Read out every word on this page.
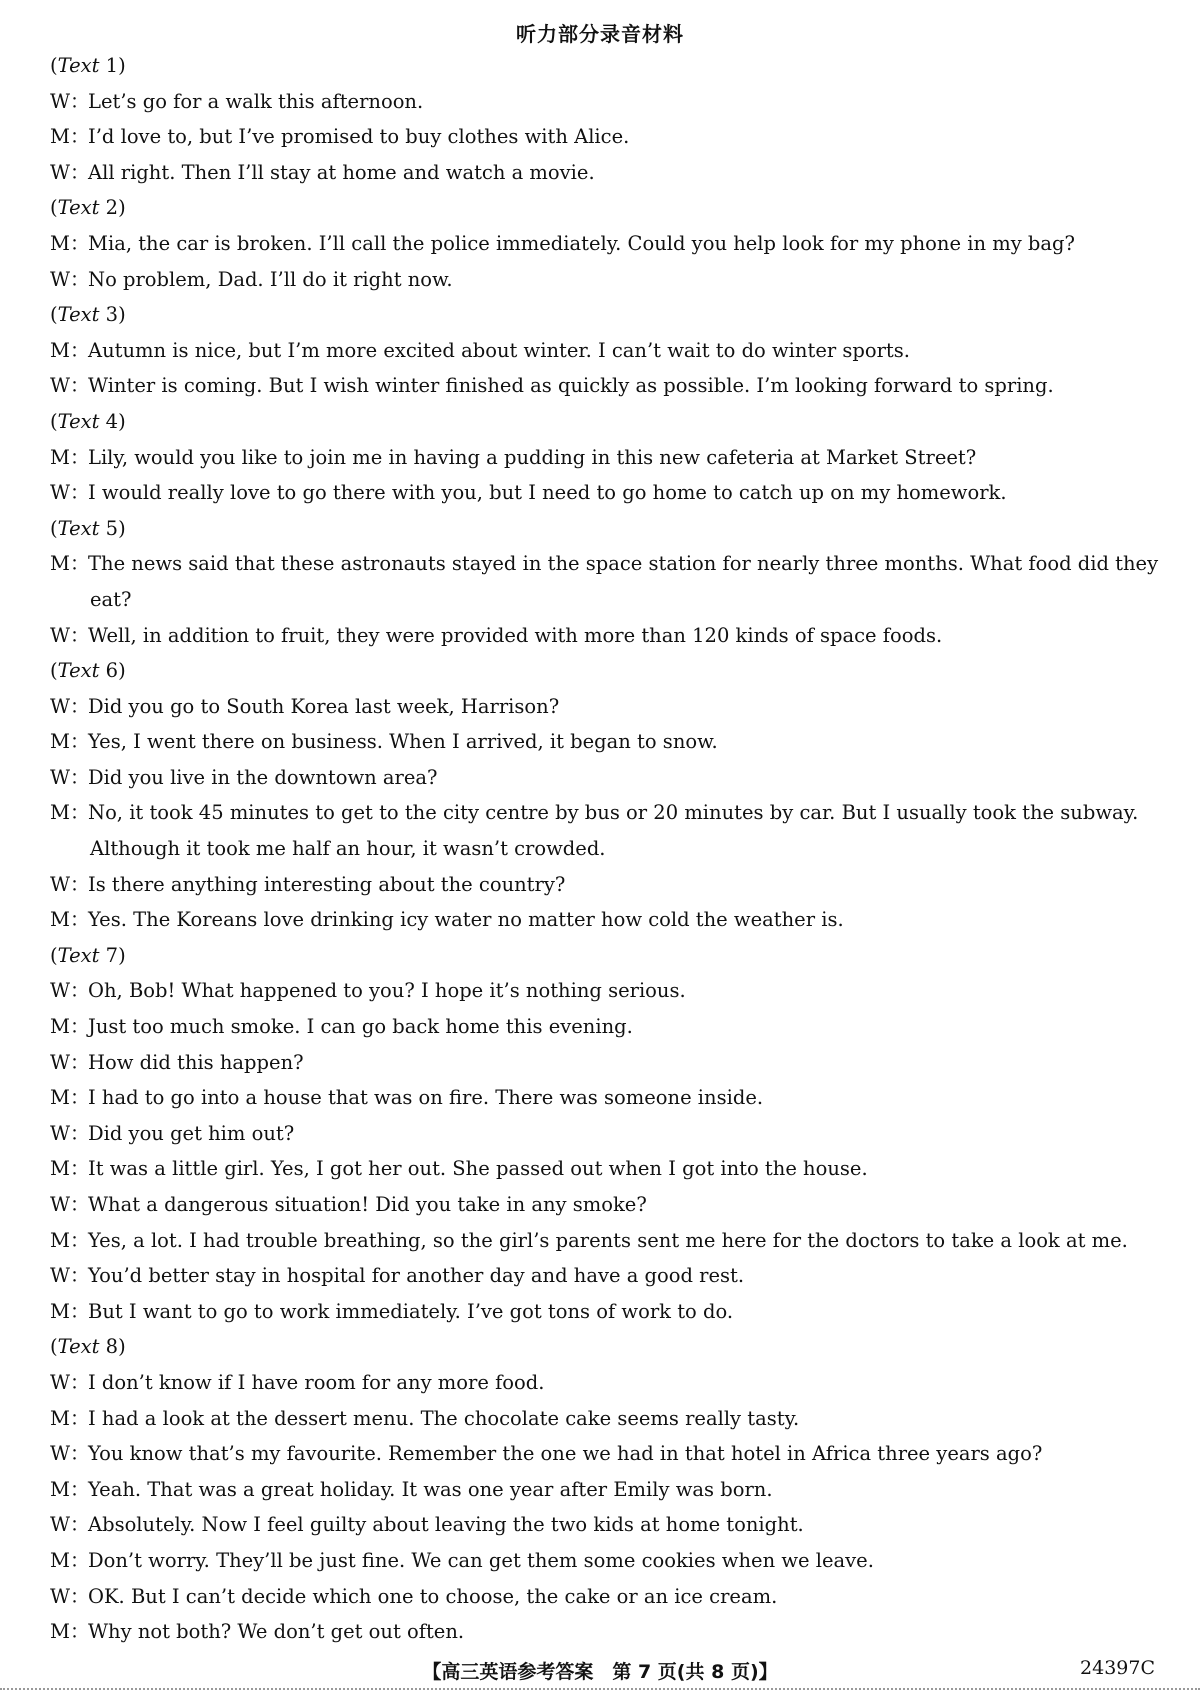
听力部分录音材料
(Text 1)
W：Let’s go for a walk this afternoon.
M：I’d love to, but I’ve promised to buy clothes with Alice.
W：All right. Then I’ll stay at home and watch a movie.
(Text 2)
M：Mia, the car is broken. I’ll call the police immediately. Could you help look for my phone in my bag?
W：No problem, Dad. I’ll do it right now.
(Text 3)
M：Autumn is nice, but I’m more excited about winter. I can’t wait to do winter sports.
W：Winter is coming. But I wish winter finished as quickly as possible. I’m looking forward to spring.
(Text 4)
M：Lily, would you like to join me in having a pudding in this new cafeteria at Market Street?
W：I would really love to go there with you, but I need to go home to catch up on my homework.
(Text 5)
M：The news said that these astronauts stayed in the space station for nearly three months. What food did they
eat?
W：Well, in addition to fruit, they were provided with more than 120 kinds of space foods.
(Text 6)
W：Did you go to South Korea last week, Harrison?
M：Yes, I went there on business. When I arrived, it began to snow.
W：Did you live in the downtown area?
M：No, it took 45 minutes to get to the city centre by bus or 20 minutes by car. But I usually took the subway.
Although it took me half an hour, it wasn’t crowded.
W：Is there anything interesting about the country?
M：Yes. The Koreans love drinking icy water no matter how cold the weather is.
(Text 7)
W：Oh, Bob! What happened to you? I hope it’s nothing serious.
M：Just too much smoke. I can go back home this evening.
W：How did this happen?
M：I had to go into a house that was on fire. There was someone inside.
W：Did you get him out?
M：It was a little girl. Yes, I got her out. She passed out when I got into the house.
W：What a dangerous situation! Did you take in any smoke?
M：Yes, a lot. I had trouble breathing, so the girl’s parents sent me here for the doctors to take a look at me.
W：You’d better stay in hospital for another day and have a good rest.
M：But I want to go to work immediately. I’ve got tons of work to do.
(Text 8)
W：I don’t know if I have room for any more food.
M：I had a look at the dessert menu. The chocolate cake seems really tasty.
W：You know that’s my favourite. Remember the one we had in that hotel in Africa three years ago?
M：Yeah. That was a great holiday. It was one year after Emily was born.
W：Absolutely. Now I feel guilty about leaving the two kids at home tonight.
M：Don’t worry. They’ll be just fine. We can get them some cookies when we leave.
W：OK. But I can’t decide which one to choose, the cake or an ice cream.
M：Why not both? We don’t get out often.
【高三英语参考答案　第 7 页(共 8 页)】	24397C
